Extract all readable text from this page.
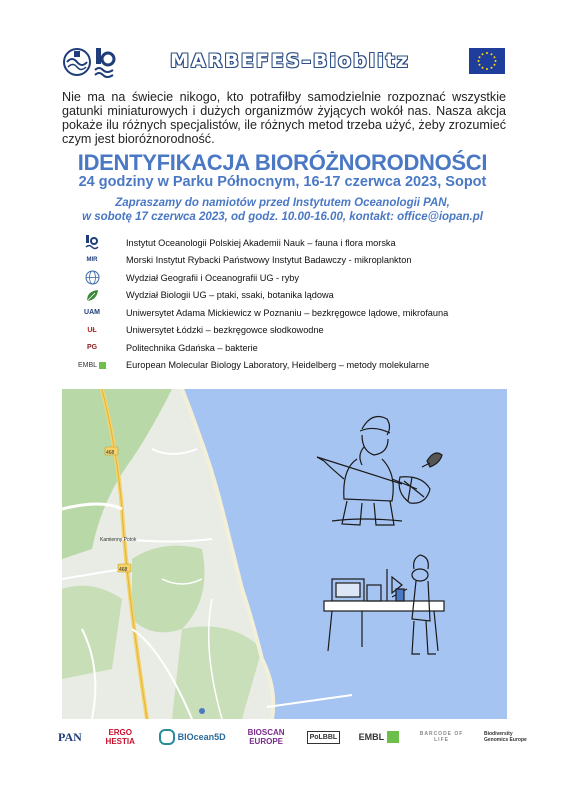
MARBEFES–Bioblitz
Nie ma na świecie nikogo, kto potrafiłby samodzielnie rozpoznać wszystkie gatunki miniaturowych i dużych organizmów żyjących wokół nas. Nasza akcja pokaże ilu różnych specjalistów, ile różnych metod trzeba użyć, żeby zrozumieć czym jest bioróżnorodność.
IDENTYFIKACJA BIORÓŻNORODNOŚCI
24 godziny w Parku Północnym, 16-17 czerwca 2023, Sopot
Zapraszamy do namiotów przed Instytutem Oceanologii PAN,
w sobotę 17 czerwca 2023, od godz. 10.00-16.00, kontakt: office@iopan.pl
Instytut Oceanologii Polskiej Akademii Nauk – fauna i flora morska
MIR	Morski Instytut Rybacki Państwowy Instytut Badawczy - mikroplankton
Wydział Geografii i Oceanografii UG - ryby
Wydział Biologii UG – ptaki, ssaki, botanika lądowa
UAM	Uniwersytet Adama Mickiewicz w Poznaniu – bezkręgowce lądowe, mikrofauna
UŁ	Uniwersytet Łódzki – bezkręgowce słodkowodne
PG	Politechnika Gdańska – bakterie
EMBL	European Molecular Biology Laboratory, Heidelberg – metody molekularne
468
468
Kamienny Potok
PAN	ERGO HESTIA	BIOcean5D	BIOSCAN EUROPE	PoLBBL	EMBL	BARCODE OF LIFE
Biodiversity Genomics Europe
